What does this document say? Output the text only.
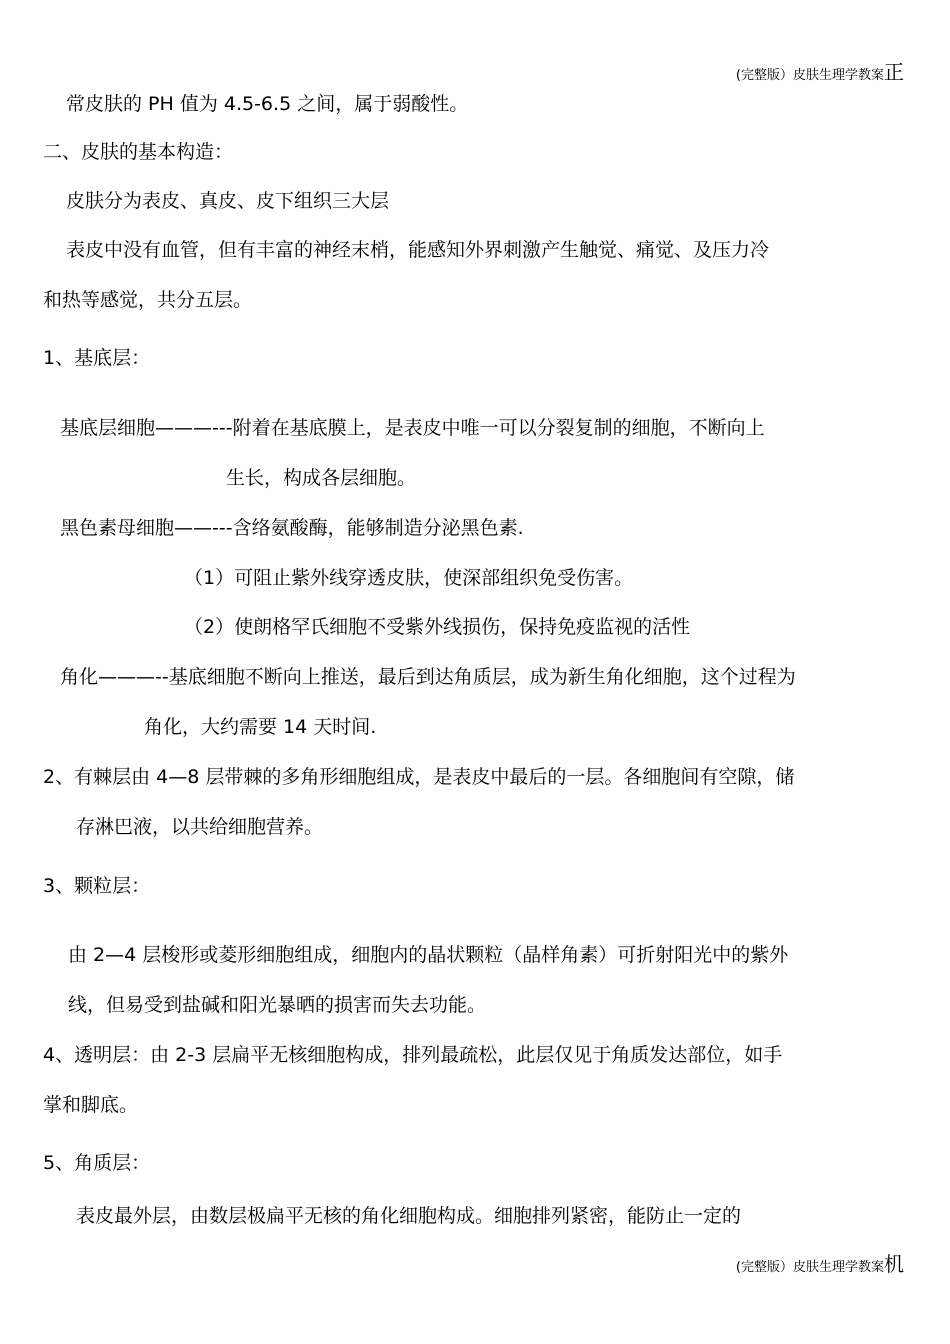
(完整版）皮肤生理学教案正
常皮肤的 PH 值为 4.5-6.5 之间，属于弱酸性。
二、皮肤的基本构造：
皮肤分为表皮、真皮、皮下组织三大层
表皮中没有血管，但有丰富的神经末梢，能感知外界刺激产生触觉、痛觉、及压力冷
和热等感觉，共分五层。
1、基底层：
基底层细胞———---附着在基底膜上，是表皮中唯一可以分裂复制的细胞，不断向上
生长，构成各层细胞。
黑色素母细胞——---含络氨酸酶，能够制造分泌黑色素.
（1）可阻止紫外线穿透皮肤，使深部组织免受伤害。
（2）使朗格罕氏细胞不受紫外线损伤，保持免疫监视的活性
角化———--基底细胞不断向上推送，最后到达角质层，成为新生角化细胞，这个过程为
角化，大约需要 14 天时间.
2、有棘层由 4—8 层带棘的多角形细胞组成，是表皮中最后的一层。各细胞间有空隙，储
存淋巴液，以共给细胞营养。
3、颗粒层：
由 2—4 层梭形或菱形细胞组成，细胞内的晶状颗粒（晶样角素）可折射阳光中的紫外
线，但易受到盐碱和阳光暴晒的损害而失去功能。
4、透明层：由 2-3 层扁平无核细胞构成，排列最疏松，此层仅见于角质发达部位，如手
掌和脚底。
5、角质层：
表皮最外层，由数层极扁平无核的角化细胞构成。细胞排列紧密，能防止一定的
(完整版）皮肤生理学教案机
